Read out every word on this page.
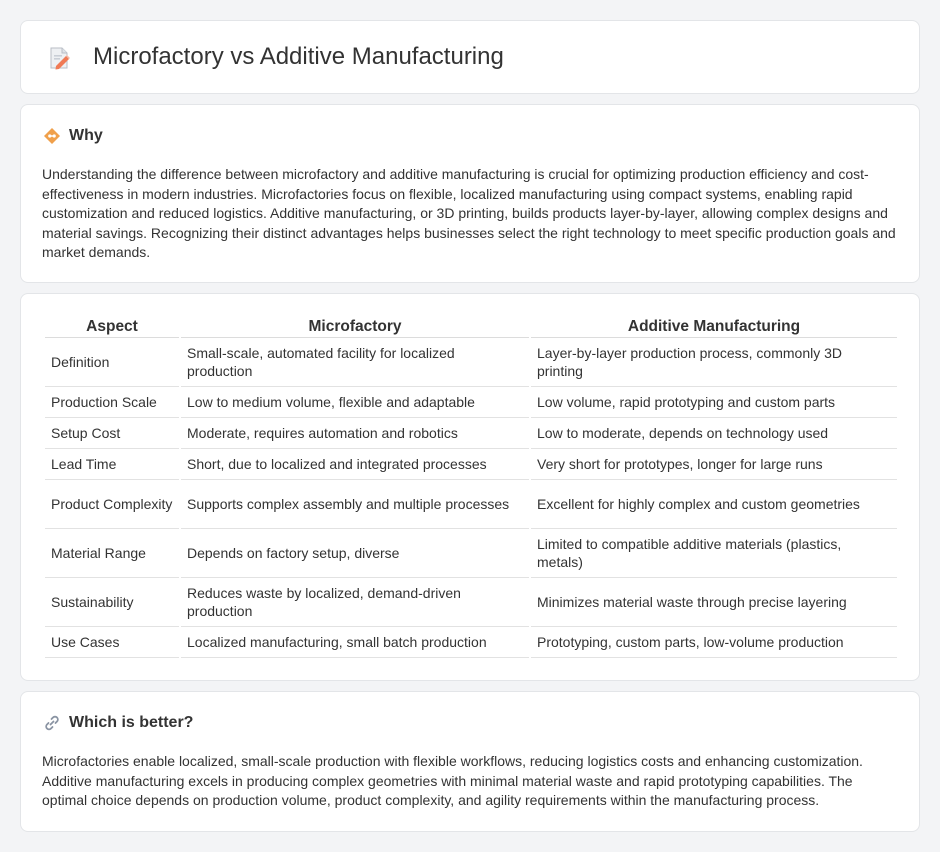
Microfactory vs Additive Manufacturing
Why

Understanding the difference between microfactory and additive manufacturing is crucial for optimizing production efficiency and cost-effectiveness in modern industries. Microfactories focus on flexible, localized manufacturing using compact systems, enabling rapid customization and reduced logistics. Additive manufacturing, or 3D printing, builds products layer-by-layer, allowing complex designs and material savings. Recognizing their distinct advantages helps businesses select the right technology to meet specific production goals and market demands.

Aspect	Microfactory	Additive Manufacturing
Definition	Small-scale, automated facility for localized production	Layer-by-layer production process, commonly 3D printing
Production Scale	Low to medium volume, flexible and adaptable	Low volume, rapid prototyping and custom parts
Setup Cost	Moderate, requires automation and robotics	Low to moderate, depends on technology used
Lead Time	Short, due to localized and integrated processes	Very short for prototypes, longer for large runs
Product Complexity	Supports complex assembly and multiple processes	Excellent for highly complex and custom geometries
Material Range	Depends on factory setup, diverse	Limited to compatible additive materials (plastics, metals)
Sustainability	Reduces waste by localized, demand-driven production	Minimizes material waste through precise layering
Use Cases	Localized manufacturing, small batch production	Prototyping, custom parts, low-volume production
Which is better?

Microfactories enable localized, small-scale production with flexible workflows, reducing logistics costs and enhancing customization. Additive manufacturing excels in producing complex geometries with minimal material waste and rapid prototyping capabilities. The optimal choice depends on production volume, product complexity, and agility requirements within the manufacturing process.
